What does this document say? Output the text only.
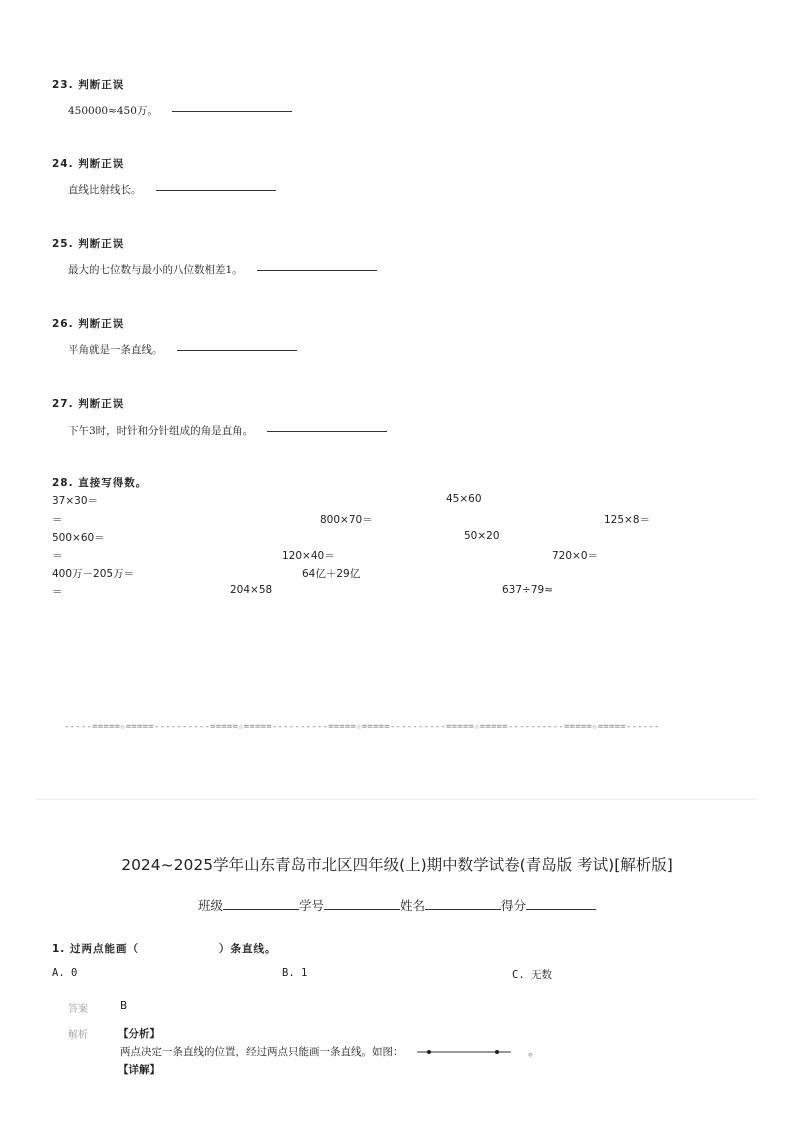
23. 判断正误
450000≈450万。
24. 判断正误
直线比射线长。
25. 判断正误
最大的七位数与最小的八位数相差1。
26. 判断正误
平角就是一条直线。
27. 判断正误
下午3时，时针和分针组成的角是直角。
28. 直接写得数。
37×30＝	45×60
＝	800×70＝	125×8＝
500×60＝	50×20
＝	120×40＝	720×0＝
400万－205万＝	64亿＋29亿
＝	204×58	637÷79≈
-----=====☆=====----------=====☆=====----------=====☆=====----------=====☆=====----------=====☆=====------
2024~2025学年山东青岛市北区四年级(上)期中数学试卷(青岛版 考试)[解析版]
班级	学号	姓名	得分
1. 过两点能画（	）条直线。
A. 0	B. 1	C. 无数
答案	B
解析	【分析】
两点决定一条直线的位置，经过两点只能画一条直线。如图：	。
【详解】
